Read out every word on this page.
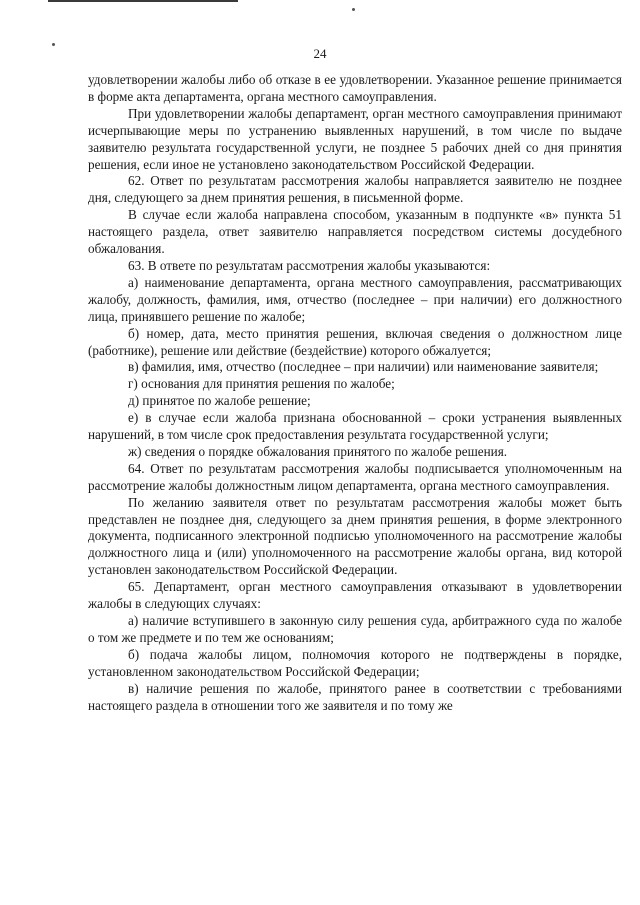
24

удовлетворении жалобы либо об отказе в ее удовлетворении. Указанное решение принимается в форме акта департамента, органа местного самоуправления.

При удовлетворении жалобы департамент, орган местного самоуправления принимают исчерпывающие меры по устранению выявленных нарушений, в том числе по выдаче заявителю результата государственной услуги, не позднее 5 рабочих дней со дня принятия решения, если иное не установлено законодательством Российской Федерации.

62. Ответ по результатам рассмотрения жалобы направляется заявителю не позднее дня, следующего за днем принятия решения, в письменной форме.

В случае если жалоба направлена способом, указанным в подпункте «в» пункта 51 настоящего раздела, ответ заявителю направляется посредством системы досудебного обжалования.

63. В ответе по результатам рассмотрения жалобы указываются:

а) наименование департамента, органа местного самоуправления, рассматривающих жалобу, должность, фамилия, имя, отчество (последнее – при наличии) его должностного лица, принявшего решение по жалобе;

б) номер, дата, место принятия решения, включая сведения о должностном лице (работнике), решение или действие (бездействие) которого обжалуется;

в) фамилия, имя, отчество (последнее – при наличии) или наименование заявителя;

г) основания для принятия решения по жалобе;

д) принятое по жалобе решение;

е) в случае если жалоба признана обоснованной – сроки устранения выявленных нарушений, в том числе срок предоставления результата государственной услуги;

ж) сведения о порядке обжалования принятого по жалобе решения.

64. Ответ по результатам рассмотрения жалобы подписывается уполномоченным на рассмотрение жалобы должностным лицом департамента, органа местного самоуправления.

По желанию заявителя ответ по результатам рассмотрения жалобы может быть представлен не позднее дня, следующего за днем принятия решения, в форме электронного документа, подписанного электронной подписью уполномоченного на рассмотрение жалобы должностного лица и (или) уполномоченного на рассмотрение жалобы органа, вид которой установлен законодательством Российской Федерации.

65. Департамент, орган местного самоуправления отказывают в удовлетворении жалобы в следующих случаях:

а) наличие вступившего в законную силу решения суда, арбитражного суда по жалобе о том же предмете и по тем же основаниям;

б) подача жалобы лицом, полномочия которого не подтверждены в порядке, установленном законодательством Российской Федерации;

в) наличие решения по жалобе, принятого ранее в соответствии с требованиями настоящего раздела в отношении того же заявителя и по тому же
